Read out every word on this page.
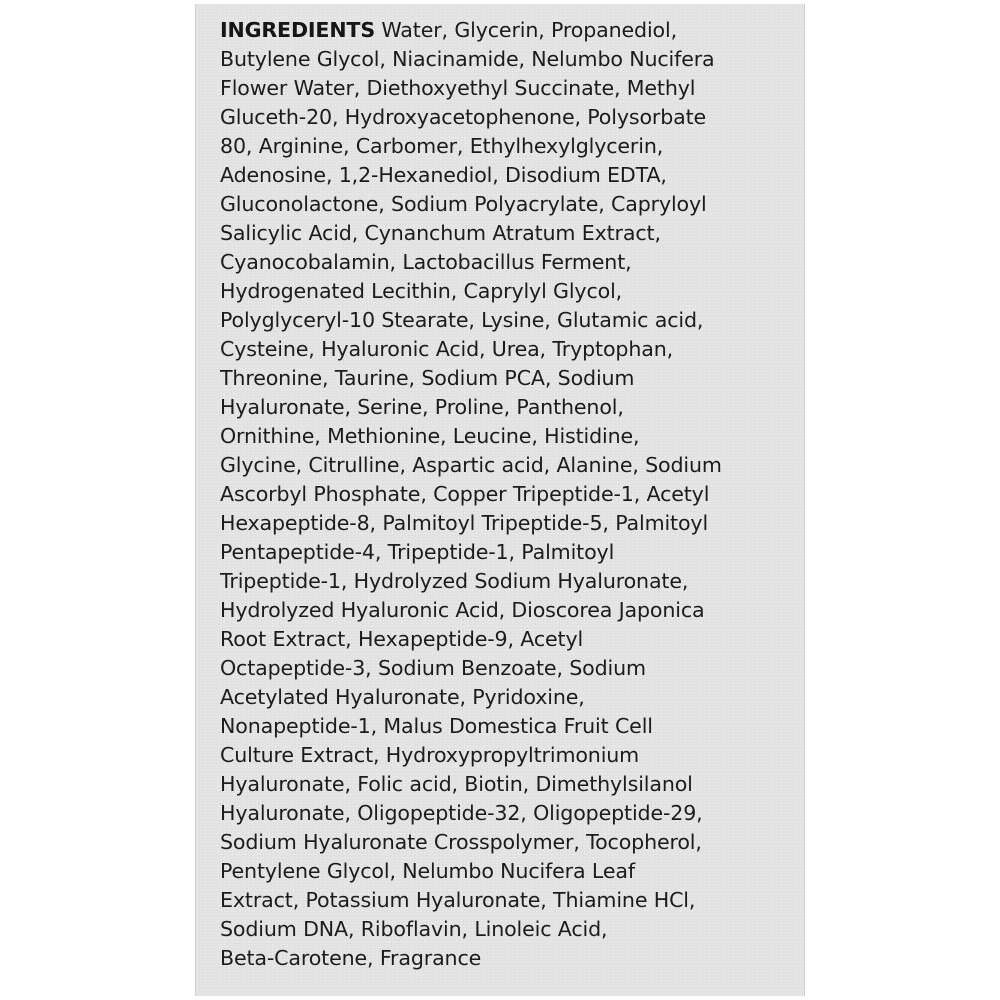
INGREDIENTS Water, Glycerin, Propanediol,
Butylene Glycol, Niacinamide, Nelumbo Nucifera
Flower Water, Diethoxyethyl Succinate, Methyl
Gluceth-20, Hydroxyacetophenone, Polysorbate
80, Arginine, Carbomer, Ethylhexylglycerin,
Adenosine, 1,2-Hexanediol, Disodium EDTA,
Gluconolactone, Sodium Polyacrylate, Capryloyl
Salicylic Acid, Cynanchum Atratum Extract,
Cyanocobalamin, Lactobacillus Ferment,
Hydrogenated Lecithin, Caprylyl Glycol,
Polyglyceryl-10 Stearate, Lysine, Glutamic acid,
Cysteine, Hyaluronic Acid, Urea, Tryptophan,
Threonine, Taurine, Sodium PCA, Sodium
Hyaluronate, Serine, Proline, Panthenol,
Ornithine, Methionine, Leucine, Histidine,
Glycine, Citrulline, Aspartic acid, Alanine, Sodium
Ascorbyl Phosphate, Copper Tripeptide-1, Acetyl
Hexapeptide-8, Palmitoyl Tripeptide-5, Palmitoyl
Pentapeptide-4, Tripeptide-1, Palmitoyl
Tripeptide-1, Hydrolyzed Sodium Hyaluronate,
Hydrolyzed Hyaluronic Acid, Dioscorea Japonica
Root Extract, Hexapeptide-9, Acetyl
Octapeptide-3, Sodium Benzoate, Sodium
Acetylated Hyaluronate, Pyridoxine,
Nonapeptide-1, Malus Domestica Fruit Cell
Culture Extract, Hydroxypropyltrimonium
Hyaluronate, Folic acid, Biotin, Dimethylsilanol
Hyaluronate, Oligopeptide-32, Oligopeptide-29,
Sodium Hyaluronate Crosspolymer, Tocopherol,
Pentylene Glycol, Nelumbo Nucifera Leaf
Extract, Potassium Hyaluronate, Thiamine HCl,
Sodium DNA, Riboflavin, Linoleic Acid,
Beta-Carotene, Fragrance
